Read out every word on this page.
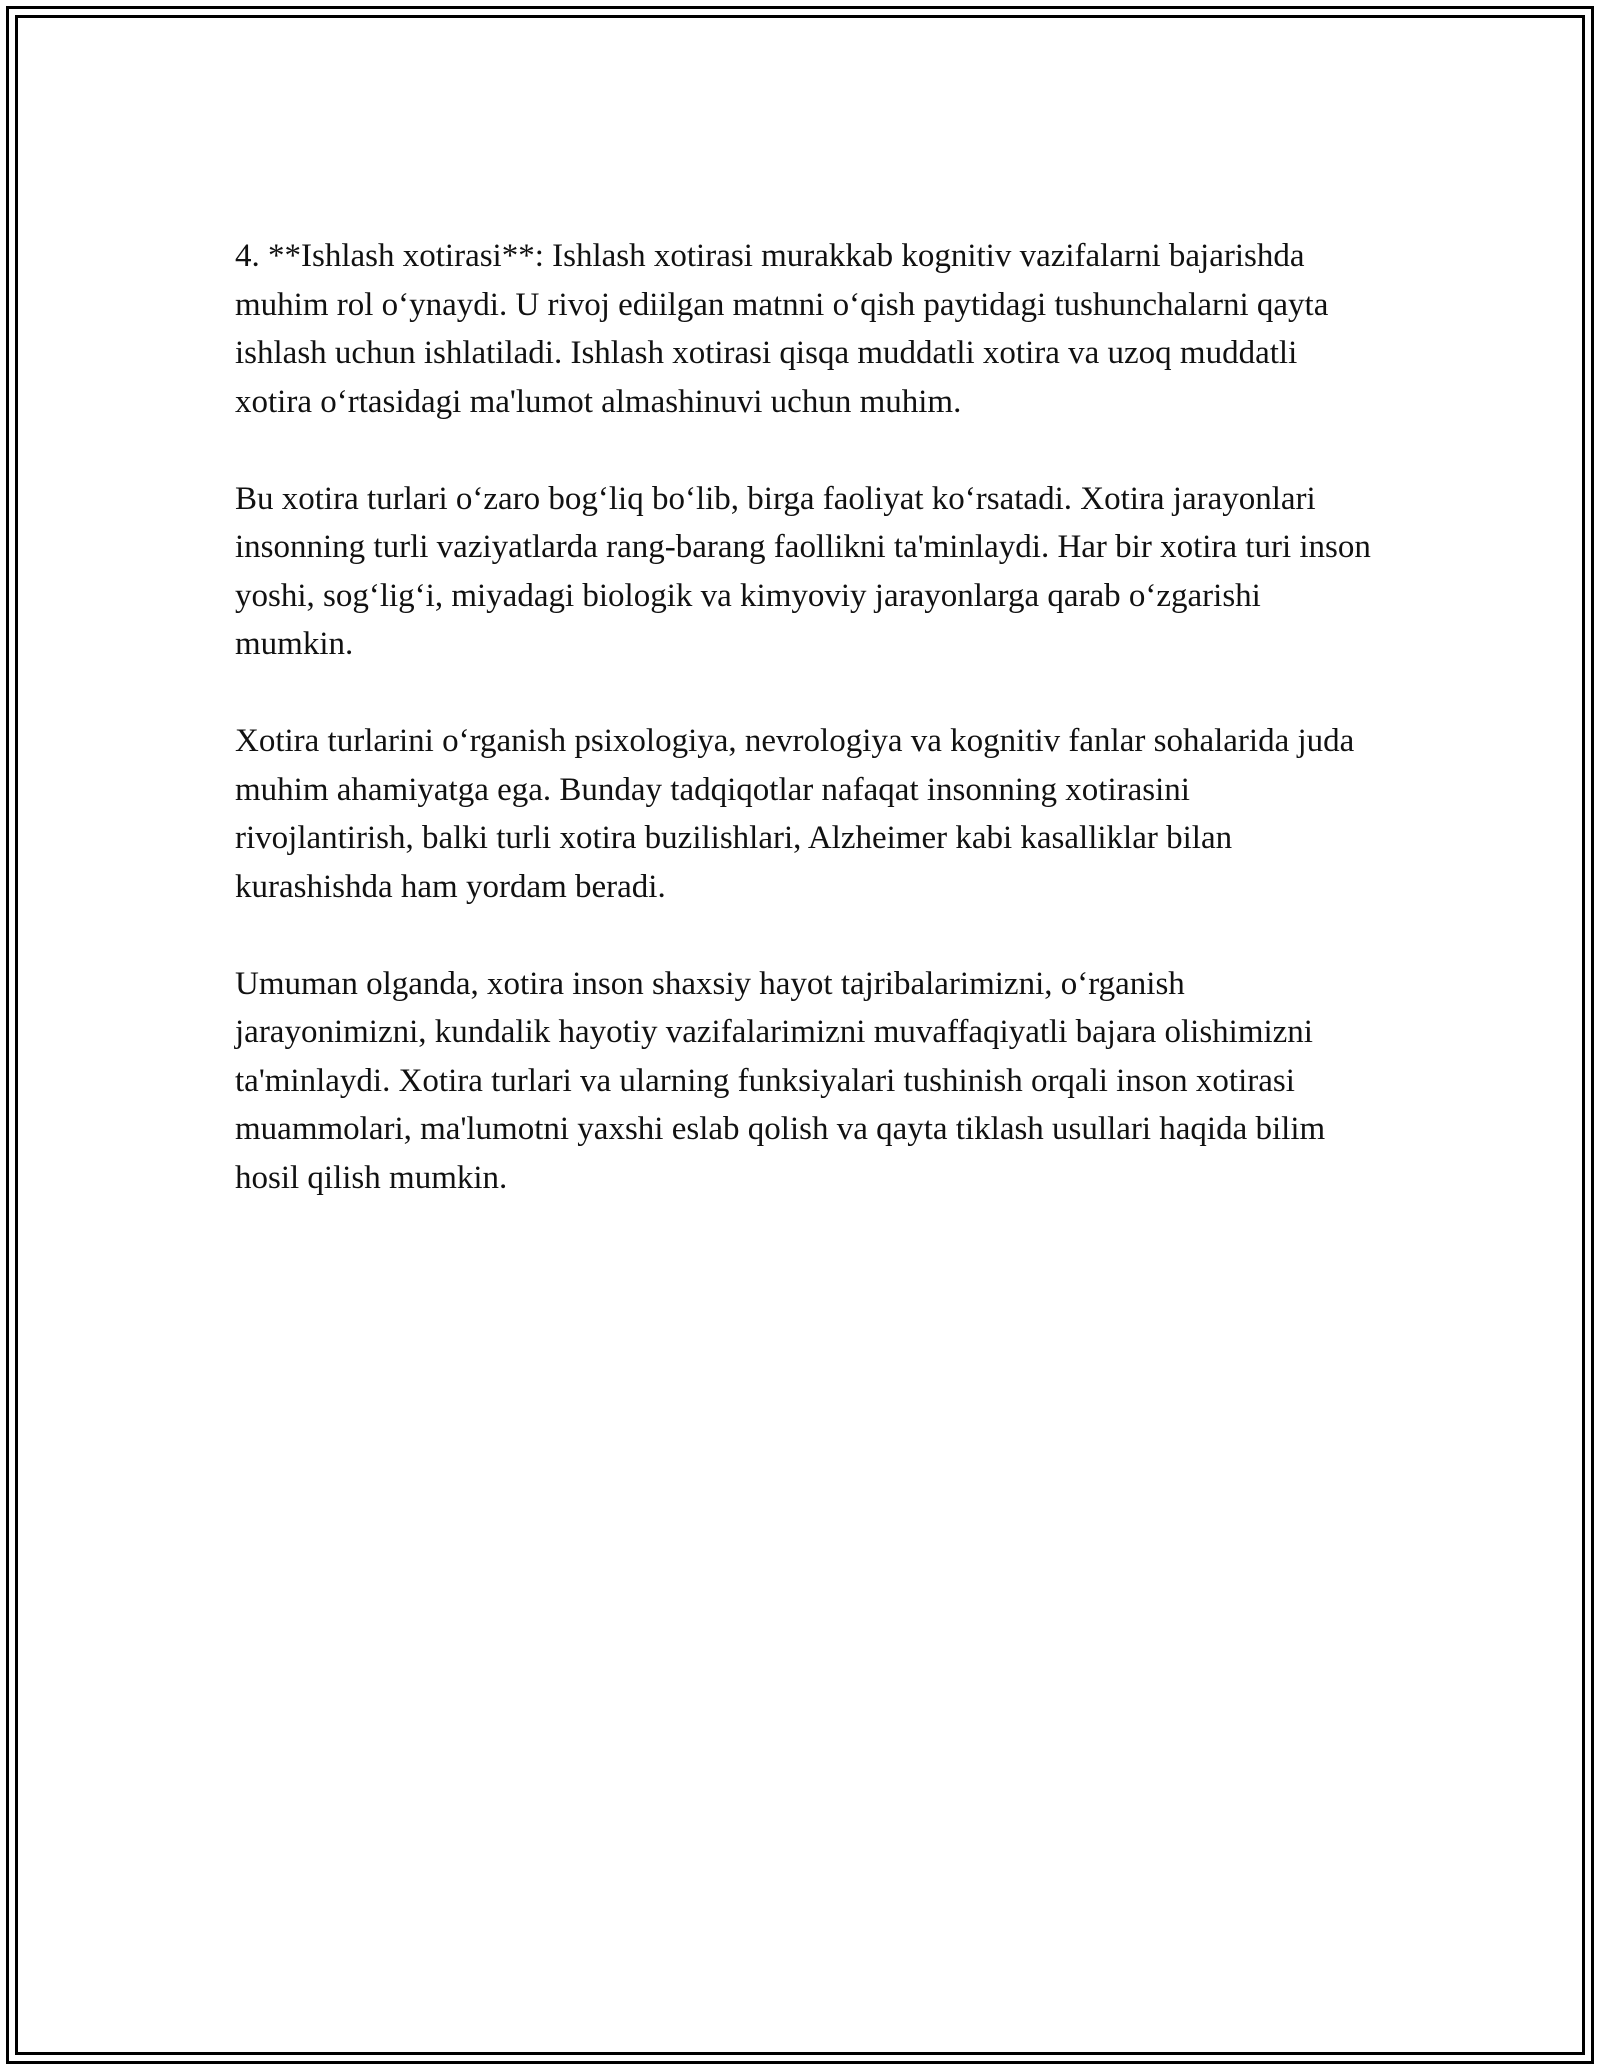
4. **Ishlash xotirasi**: Ishlash xotirasi murakkab kognitiv vazifalarni bajarishda muhim rol o‘ynaydi. U rivoj ediilgan matnni o‘qish paytidagi tushunchalarni qayta ishlash uchun ishlatiladi. Ishlash xotirasi qisqa muddatli xotira va uzoq muddatli xotira o‘rtasidagi ma'lumot almashinuvi uchun muhim.

Bu xotira turlari o‘zaro bog‘liq bo‘lib, birga faoliyat ko‘rsatadi. Xotira jarayonlari insonning turli vaziyatlarda rang-barang faollikni ta'minlaydi. Har bir xotira turi inson yoshi, sog‘lig‘i, miyadagi biologik va kimyoviy jarayonlarga qarab o‘zgarishi mumkin.

Xotira turlarini o‘rganish psixologiya, nevrologiya va kognitiv fanlar sohalarida juda muhim ahamiyatga ega. Bunday tadqiqotlar nafaqat insonning xotirasini rivojlantirish, balki turli xotira buzilishlari, Alzheimer kabi kasalliklar bilan kurashishda ham yordam beradi.

Umuman olganda, xotira inson shaxsiy hayot tajribalarimizni, o‘rganish jarayonimizni, kundalik hayotiy vazifalarimizni muvaffaqiyatli bajara olishimizni ta'minlaydi. Xotira turlari va ularning funksiyalari tushinish orqali inson xotirasi muammolari, ma'lumotni yaxshi eslab qolish va qayta tiklash usullari haqida bilim hosil qilish mumkin.
